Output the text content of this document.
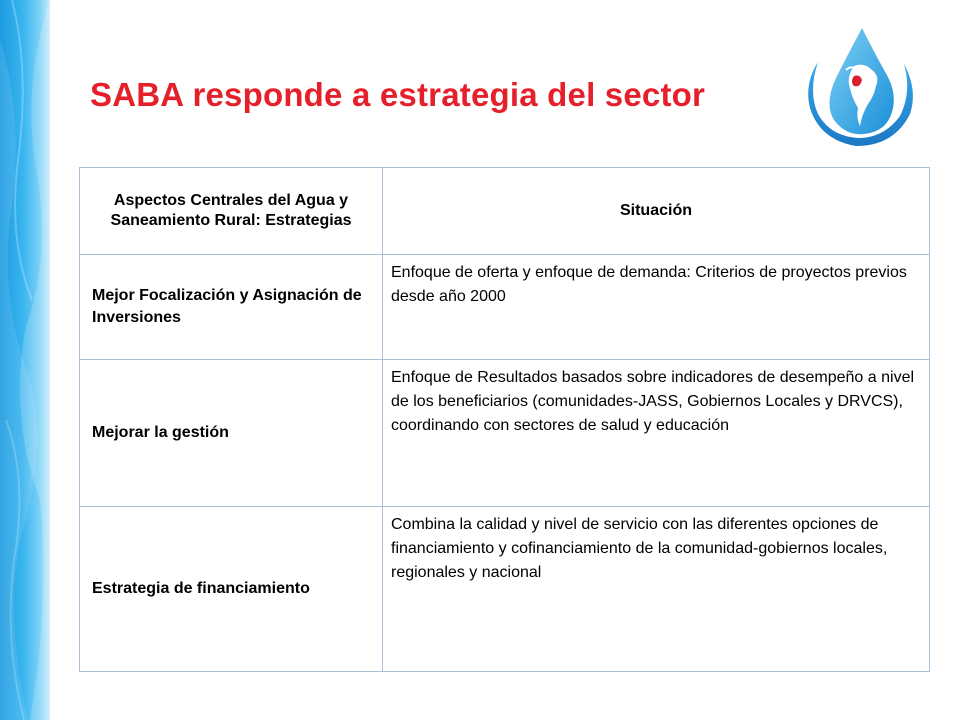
SABA responde a estrategia del sector
Aspectos Centrales del Agua y Saneamiento Rural: Estrategias	Situación
Mejor Focalización y Asignación de Inversiones	Enfoque de oferta y enfoque de demanda: Criterios de proyectos previos desde año 2000

Mejorar la gestión	Enfoque de Resultados basados sobre indicadores de desempeño a nivel de los beneficiarios (comunidades-JASS, Gobiernos Locales y DRVCS), coordinando con sectores de salud y educación

Estrategia de financiamiento	Combina la calidad y nivel de servicio con las diferentes opciones de financiamiento y cofinanciamiento de la comunidad-gobiernos locales, regionales y nacional
